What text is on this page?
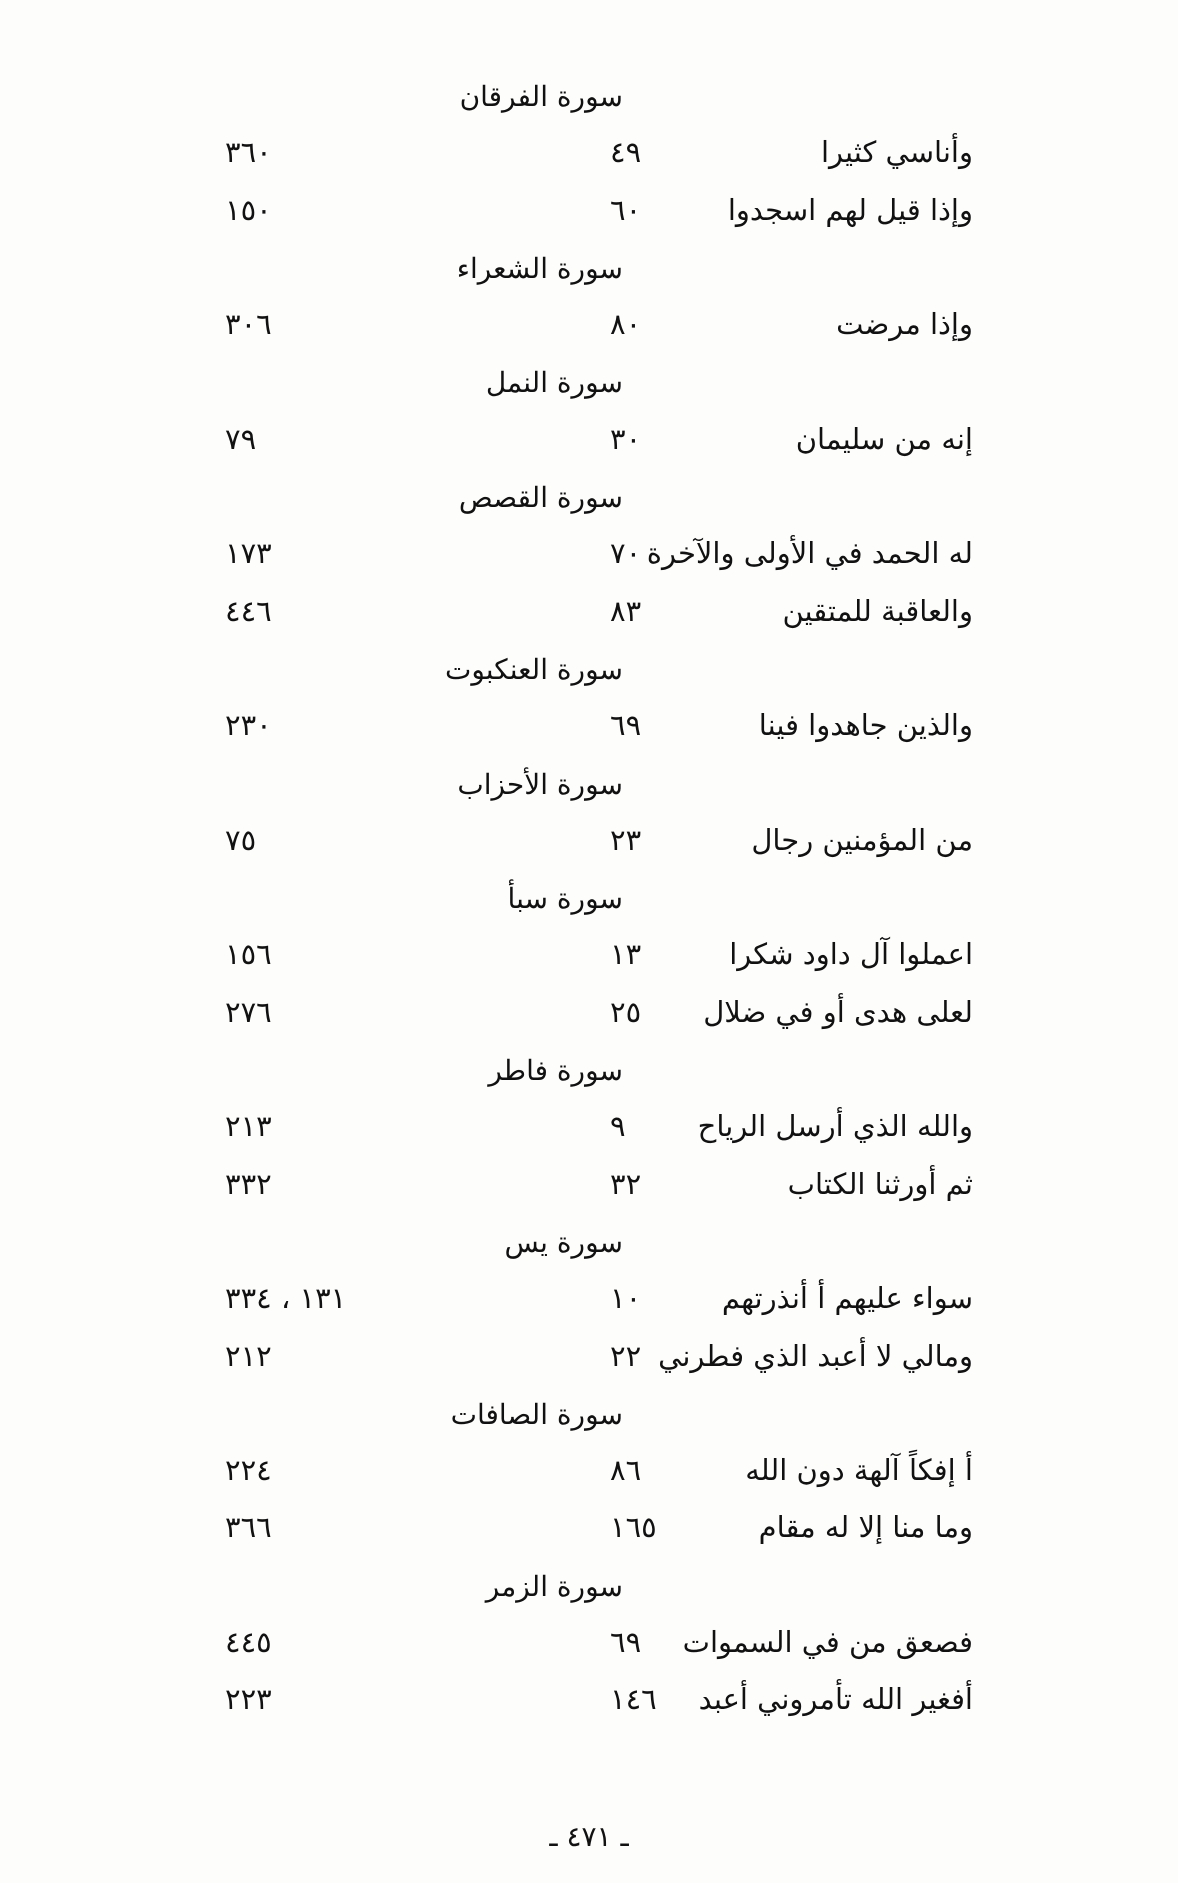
سورة الفرقان
وأناسي كثيرا
٤٩
٣٦٠
وإذا قيل لهم اسجدوا
٦٠
١٥٠
سورة الشعراء
وإذا مرضت
٨٠
٣٠٦
سورة النمل
إنه من سليمان
٣٠
٧٩
سورة القصص
له الحمد في الأولى والآخرة
٧٠
١٧٣
والعاقبة للمتقين
٨٣
٤٤٦
سورة العنكبوت
والذين جاهدوا فينا
٦٩
٢٣٠
سورة الأحزاب
من المؤمنين رجال
٢٣
٧٥
سورة سبأ
اعملوا آل داود شكرا
١٣
١٥٦
لعلى هدى أو في ضلال
٢٥
٢٧٦
سورة فاطر
والله الذي أرسل الرياح
٩
٢١٣
ثم أورثنا الكتاب
٣٢
٣٣٢
سورة يس
سواء عليهم أ أنذرتهم
١٠
١٣١ ، ٣٣٤
ومالي لا أعبد الذي فطرني
٢٢
٢١٢
سورة الصافات
أ إفكاً آلهة دون الله
٨٦
٢٢٤
وما منا إلا له مقام
١٦٥
٣٦٦
سورة الزمر
فصعق من في السموات
٦٩
٤٤٥
أفغير الله تأمروني أعبد
١٤٦
٢٢٣
ـ ٤٧١ ـ
